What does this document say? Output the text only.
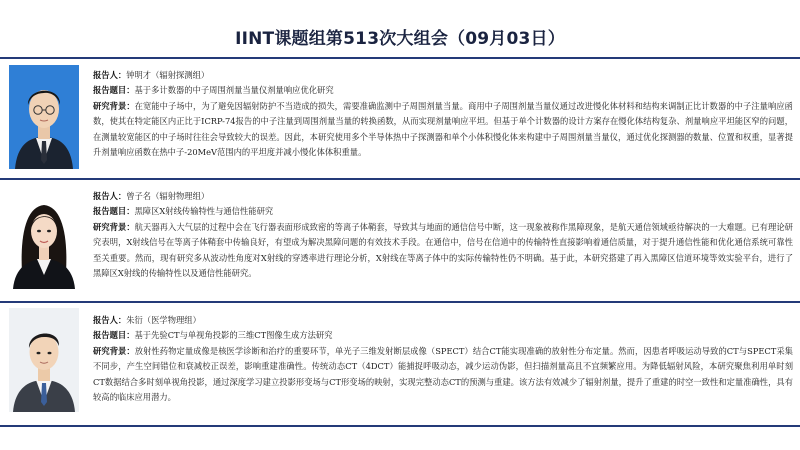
IINT课题组第513次大组会（09月03日）
报告人：钟明才（辐射探测组）
报告题目：基于多计数器的中子周围剂量当量仪剂量响应优化研究
研究背景：在宽能中子场中，为了避免因辐射防护不当造成的损失，需要准确监测中子周围剂量当量。商用中子周围剂量当量仪通过改进慢化体材料和结构来调制正比计数器的中子注量响应函数，使其在特定能区内正比于ICRP-74报告的中子注量到周围剂量当量的转换函数，从而实现剂量响应平坦。但基于单个计数器的设计方案存在慢化体结构复杂、剂量响应平坦能区窄的问题，在测量较宽能区的中子场时往往会导致较大的误差。因此，本研究使用多个半导体热中子探测器和单个小体积慢化体来构建中子周围剂量当量仪，通过优化探测器的数量、位置和权重，显著提升剂量响应函数在热中子-20MeV范围内的平坦度并减小慢化体体积重量。
报告人：曾子名（辐射物理组）
报告题目：黑障区X射线传输特性与通信性能研究
研究背景：航天器再入大气层的过程中会在飞行器表面形成致密的等离子体鞘套，导致其与地面的通信信号中断，这一现象被称作黑障现象，是航天通信领域亟待解决的一大难题。已有理论研究表明，X射线信号在等离子体鞘套中传输良好，有望成为解决黑障问题的有效技术手段。在通信中，信号在信道中的传输特性直接影响着通信质量，对于提升通信性能和优化通信系统可靠性至关重要。然而，现有研究多从波动性角度对X射线的穿透率进行理论分析，X射线在等离子体中的实际传输特性仍不明确。基于此，本研究搭建了再入黑障区信道环境等效实验平台，进行了黑障区X射线的传输特性以及通信性能研究。
报告人：朱衍（医学物理组）
报告题目：基于先验CT与单视角投影的三维CT图像生成方法研究
研究背景：放射性药物定量成像是核医学诊断和治疗的重要环节，单光子三维发射断层成像（SPECT）结合CT能实现准确的放射性分布定量。然而，因患者呼吸运动导致的CT与SPECT采集不同步，产生空间错位和衰减校正误差，影响重建准确性。传统动态CT（4DCT）能捕捉呼吸动态，减少运动伪影，但扫描剂量高且不宜频繁应用。为降低辐射风险，本研究聚焦利用单时刻CT数据结合多时刻单视角投影，通过深度学习建立投影形变场与CT形变场的映射，实现完整动态CT的预测与重建。该方法有效减少了辐射剂量，提升了重建的时空一致性和定量准确性，具有较高的临床应用潜力。
